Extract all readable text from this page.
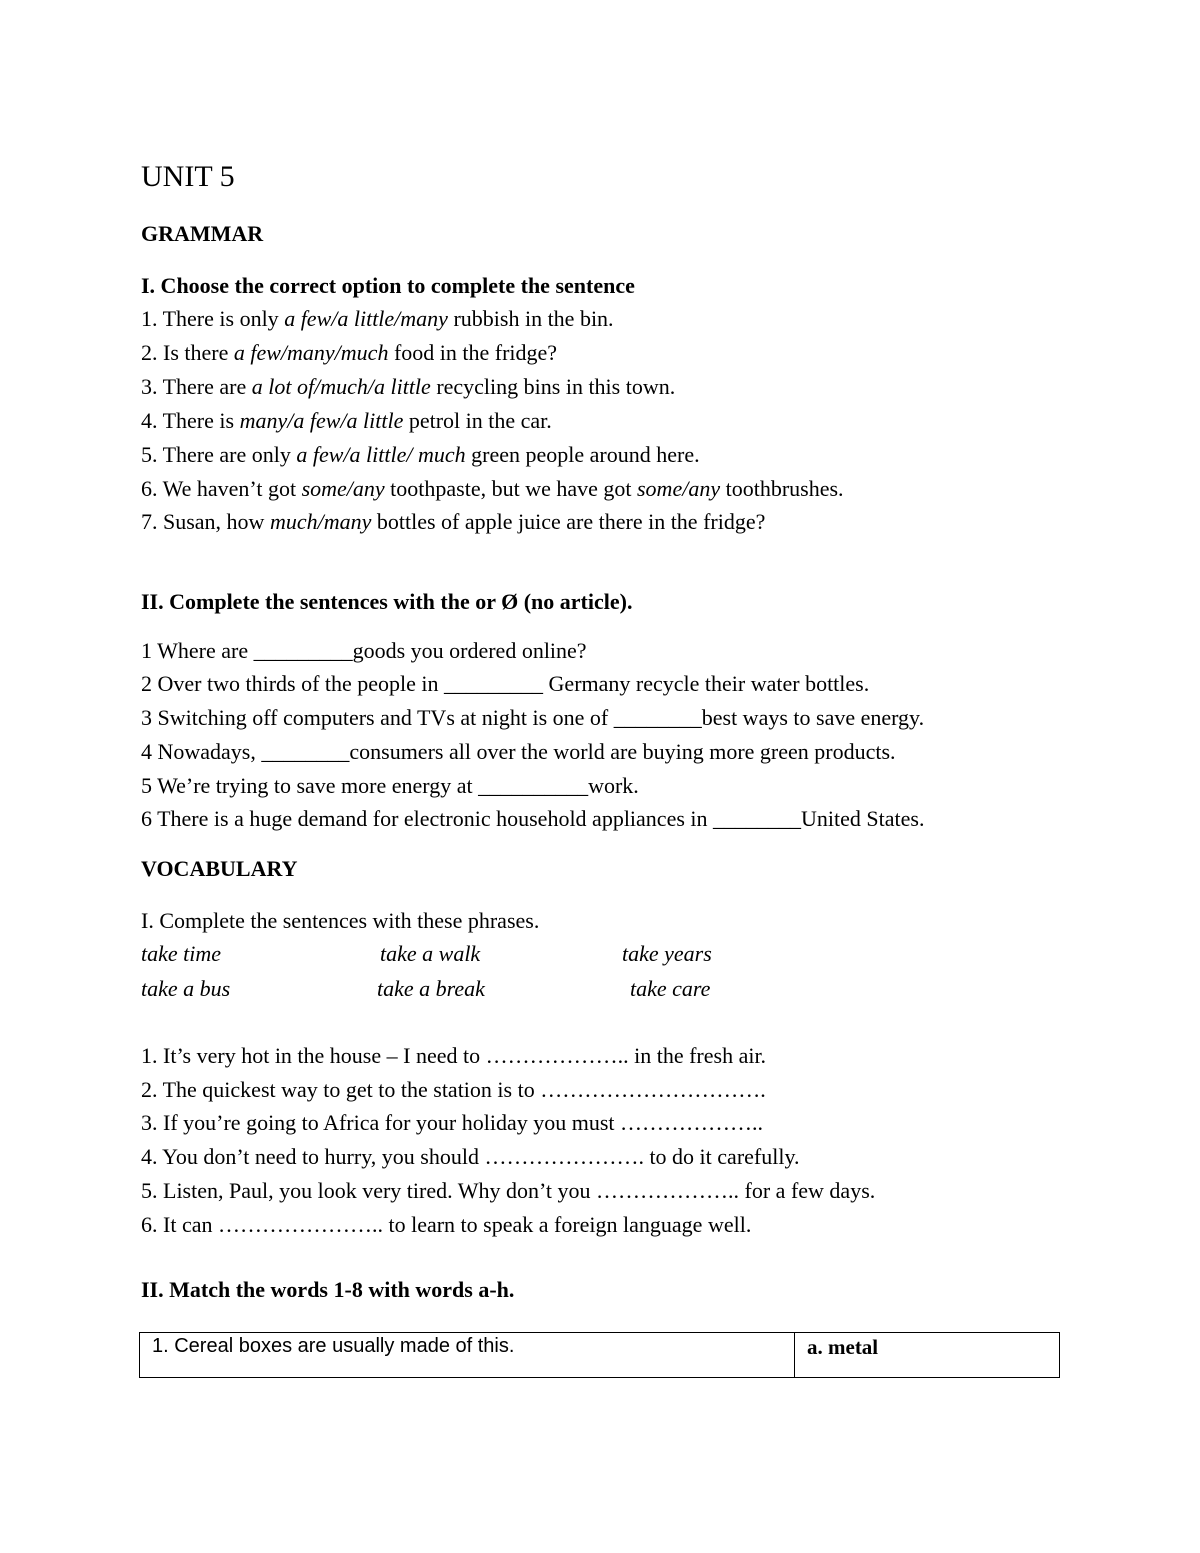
UNIT 5
GRAMMAR
I. Choose the correct option to complete the sentence
1. There is only a few/a little/many rubbish in the bin.
2. Is there a few/many/much food in the fridge?
3. There are a lot of/much/a little recycling bins in this town.
4. There is many/a few/a little petrol in the car.
5. There are only a few/a little/ much green people around here.
6. We haven’t got some/any toothpaste, but we have got some/any toothbrushes.
7. Susan, how much/many bottles of apple juice are there in the fridge?
II. Complete the sentences with the or Ø (no article).
1 Where are _________goods you ordered online?
2 Over two thirds of the people in _________ Germany recycle their water bottles.
3 Switching off computers and TVs at night is one of ________best ways to save energy.
4 Nowadays, ________consumers all over the world are buying more green products.
5 We’re trying to save more energy at __________work.
6 There is a huge demand for electronic household appliances in ________United States.
VOCABULARY
I. Complete the sentences with these phrases.
take time	take a walk	take years
take a bus	take a break	take care
1. It’s very hot in the house – I need to ……………….. in the fresh air.
2. The quickest way to get to the station is to ………………………….
3. If you’re going to Africa for your holiday you must ………………..
4. You don’t need to hurry, you should …………………. to do it carefully.
5. Listen, Paul, you look very tired. Why don’t you ……………….. for a few days.
6. It can ………………….. to learn to speak a foreign language well.
II. Match the words 1-8 with words a-h.
1. Cereal boxes are usually made of this.	a. metal
